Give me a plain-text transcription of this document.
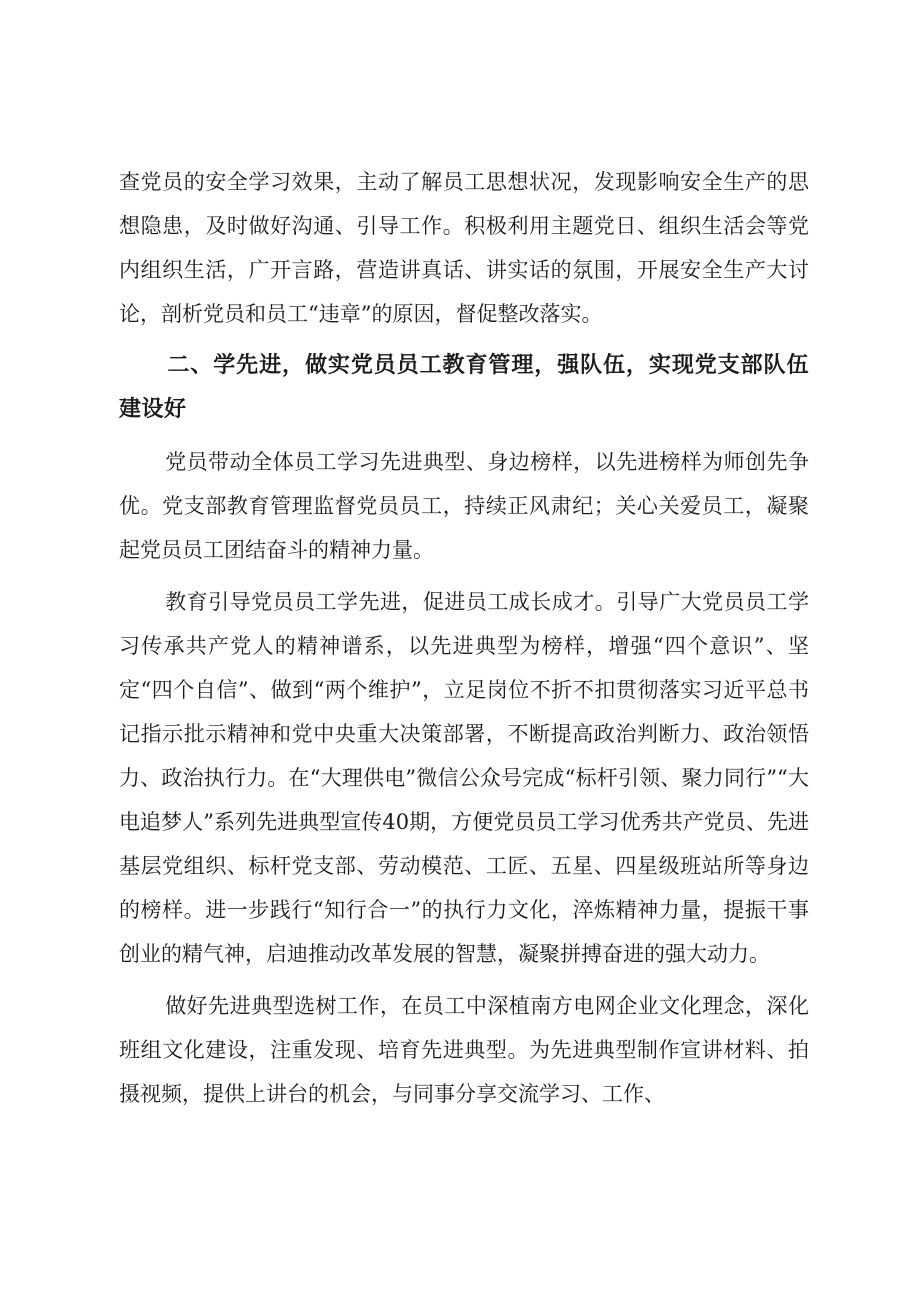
查党员的安全学习效果，主动了解员工思想状况，发现影响安全生产的思想隐患，及时做好沟通、引导工作。积极利用主题党日、组织生活会等党内组织生活，广开言路，营造讲真话、讲实话的氛围，开展安全生产大讨论，剖析党员和员工“违章”的原因，督促整改落实。

二、学先进，做实党员员工教育管理，强队伍，实现党支部队伍建设好

党员带动全体员工学习先进典型、身边榜样，以先进榜样为师创先争优。党支部教育管理监督党员员工，持续正风肃纪；关心关爱员工，凝聚起党员员工团结奋斗的精神力量。

教育引导党员员工学先进，促进员工成长成才。引导广大党员员工学习传承共产党人的精神谱系，以先进典型为榜样，增强“四个意识”、坚定“四个自信”、做到“两个维护”，立足岗位不折不扣贯彻落实习近平总书记指示批示精神和党中央重大决策部署，不断提高政治判断力、政治领悟力、政治执行力。在“大理供电”微信公众号完成“标杆引领、聚力同行”“大电追梦人”系列先进典型宣传40期，方便党员员工学习优秀共产党员、先进基层党组织、标杆党支部、劳动模范、工匠、五星、四星级班站所等身边的榜样。进一步践行“知行合一”的执行力文化，淬炼精神力量，提振干事创业的精气神，启迪推动改革发展的智慧，凝聚拼搏奋进的强大动力。

做好先进典型选树工作，在员工中深植南方电网企业文化理念，深化班组文化建设，注重发现、培育先进典型。为先进典型制作宣讲材料、拍摄视频，提供上讲台的机会，与同事分享交流学习、工作、
